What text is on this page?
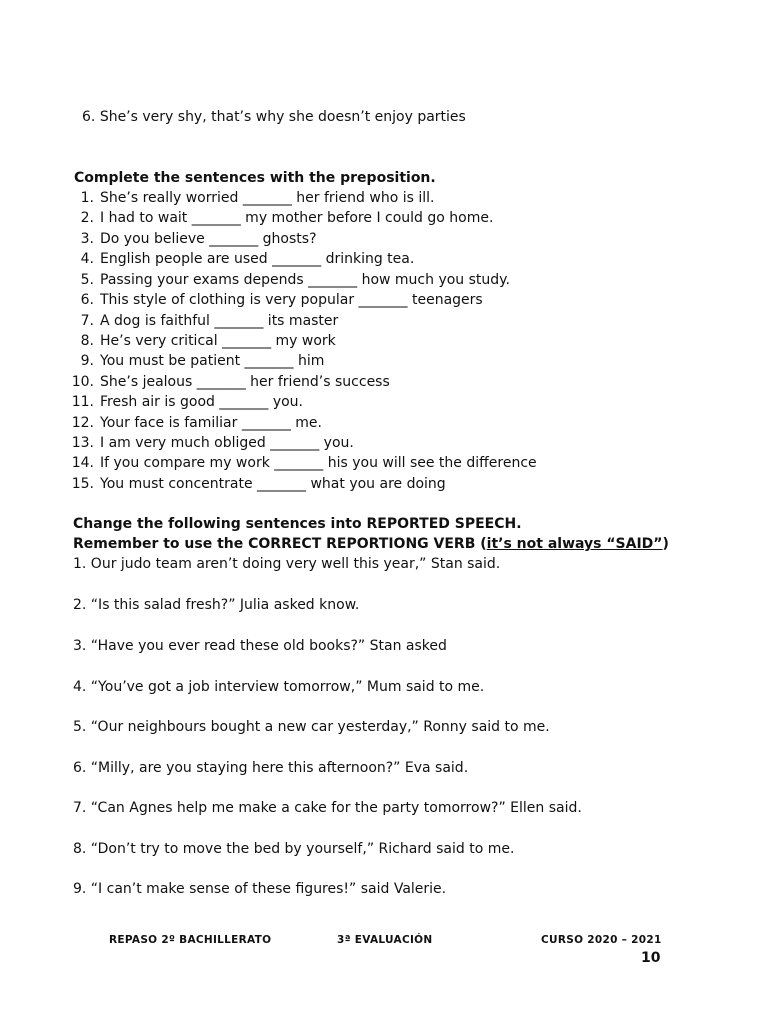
6. She’s very shy, that’s why she doesn’t enjoy parties
Complete the sentences with the preposition.
1. She’s really worried _______ her friend who is ill.
2. I had to wait _______ my mother before I could go home.
3. Do you believe _______ ghosts?
4. English people are used _______ drinking tea.
5. Passing your exams depends _______ how much you study.
6. This style of clothing is very popular _______ teenagers
7. A dog is faithful _______ its master
8. He’s very critical _______ my work
9. You must be patient _______ him
10. She’s jealous _______ her friend’s success
11. Fresh air is good _______ you.
12. Your face is familiar _______ me.
13. I am very much obliged _______ you.
14. If you compare my work _______ his you will see the difference
15. You must concentrate _______ what you are doing
Change the following sentences into REPORTED SPEECH.
Remember to use the CORRECT REPORTIONG VERB (it’s not always “SAID”)
1. Our judo team aren’t doing very well this year,” Stan said.
2. “Is this salad fresh?” Julia asked know.
3. “Have you ever read these old books?” Stan asked
4. “You’ve got a job interview tomorrow,” Mum said to me.
5. “Our neighbours bought a new car yesterday,” Ronny said to me.
6. “Milly, are you staying here this afternoon?” Eva said.
7. “Can Agnes help me make a cake for the party tomorrow?” Ellen said.
8. “Don’t try to move the bed by yourself,” Richard said to me.
9. “I can’t make sense of these figures!” said Valerie.
REPASO 2º BACHILLERATO	3ª EVALUACIÓN	CURSO 2020 – 2021
10
